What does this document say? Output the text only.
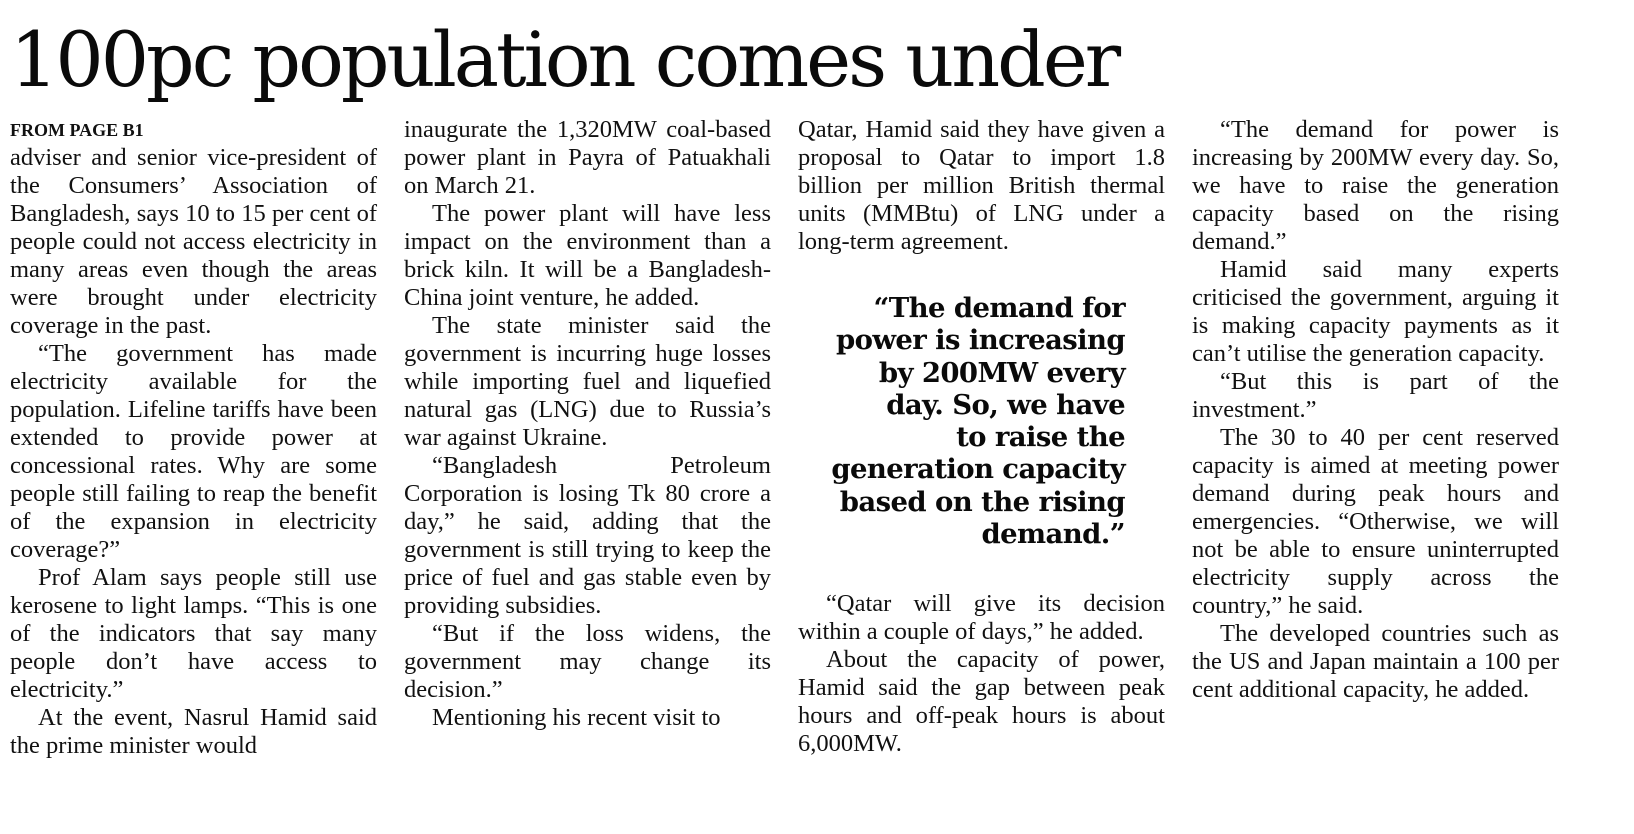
100pc population comes under
FROM PAGE B1

adviser and senior vice-president of the Consumers’ Association of Bangladesh, says 10 to 15 per cent of people could not access electricity in many areas even though the areas were brought under electricity coverage in the past.

“The government has made electricity available for the population. Lifeline tariffs have been extended to provide power at concessional rates. Why are some people still failing to reap the benefit of the expansion in electricity coverage?”

Prof Alam says people still use kerosene to light lamps. “This is one of the indicators that say many people don’t have access to electricity.”

At the event, Nasrul Hamid said the prime minister would

inaugurate the 1,320MW coal-based power plant in Payra of Patuakhali on March 21.

The power plant will have less impact on the environment than a brick kiln. It will be a Bangladesh-China joint venture, he added.

The state minister said the government is incurring huge losses while importing fuel and liquefied natural gas (LNG) due to Russia’s war against Ukraine.

“Bangladesh Petroleum Corporation is losing Tk 80 crore a day,” he said, adding that the government is still trying to keep the price of fuel and gas stable even by providing subsidies.

“But if the loss widens, the government may change its decision.”

Mentioning his recent visit to

Qatar, Hamid said they have given a proposal to Qatar to import 1.8 billion per million British thermal units (MMBtu) of LNG under a long-term agreement.

“The demand for
power is increasing
by 200MW every
day. So, we have
to raise the
generation capacity
based on the rising
demand.”

“Qatar will give its decision within a couple of days,” he added.

About the capacity of power, Hamid said the gap between peak hours and off-peak hours is about 6,000MW.

“The demand for power is increasing by 200MW every day. So, we have to raise the generation capacity based on the rising demand.”

Hamid said many experts criticised the government, arguing it is making capacity payments as it can’t utilise the generation capacity.

“But this is part of the investment.”

The 30 to 40 per cent reserved capacity is aimed at meeting power demand during peak hours and emergencies. “Otherwise, we will not be able to ensure uninterrupted electricity supply across the country,” he said.

The developed countries such as the US and Japan maintain a 100 per cent additional capacity, he added.
